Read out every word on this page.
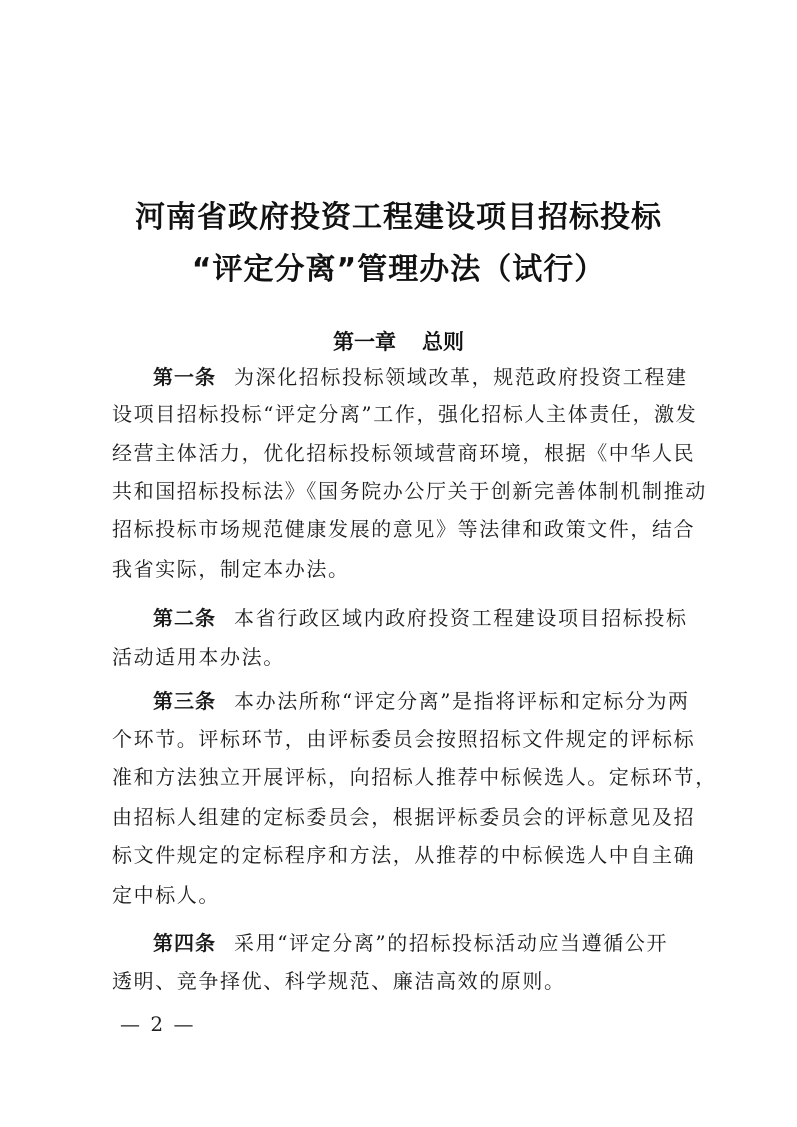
河南省政府投资工程建设项目招标投标
“评定分离”管理办法（试行）
第一章 总则
第一条 为深化招标投标领域改革，规范政府投资工程建
设项目招标投标“评定分离”工作，强化招标人主体责任，激发
经营主体活力，优化招标投标领域营商环境，根据《中华人民
共和国招标投标法》《国务院办公厅关于创新完善体制机制推动
招标投标市场规范健康发展的意见》等法律和政策文件，结合
我省实际，制定本办法。
第二条 本省行政区域内政府投资工程建设项目招标投标
活动适用本办法。
第三条 本办法所称“评定分离”是指将评标和定标分为两
个环节。评标环节，由评标委员会按照招标文件规定的评标标
准和方法独立开展评标，向招标人推荐中标候选人。定标环节，
由招标人组建的定标委员会，根据评标委员会的评标意见及招
标文件规定的定标程序和方法，从推荐的中标候选人中自主确
定中标人。
第四条 采用“评定分离”的招标投标活动应当遵循公开
透明、竞争择优、科学规范、廉洁高效的原则。
— 2 —
